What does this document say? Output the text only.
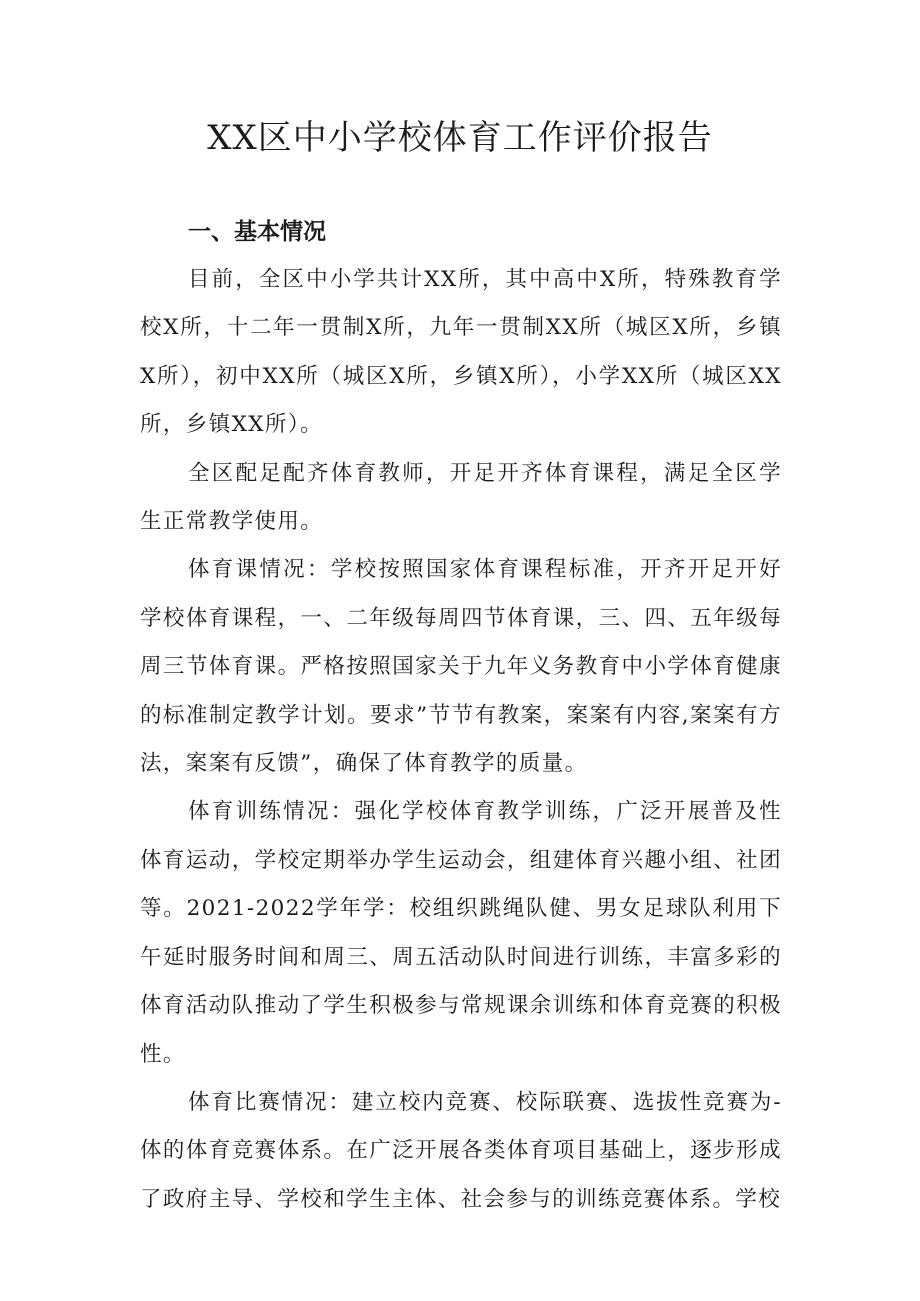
XX区中小学校体育工作评价报告
一、基本情况

目前，全区中小学共计XX所，其中高中X所，特殊教育学校X所，十二年一贯制X所，九年一贯制XX所（城区X所，乡镇X所），初中XX所（城区X所，乡镇X所），小学XX所（城区XX所，乡镇XX所）。

全区配足配齐体育教师，开足开齐体育课程，满足全区学生正常教学使用。

体育课情况：学校按照国家体育课程标准，开齐开足开好学校体育课程，一、二年级每周四节体育课，三、四、五年级每周三节体育课。严格按照国家关于九年义务教育中小学体育健康的标准制定教学计划。要求”节节有教案，案案有内容,案案有方法，案案有反馈”，确保了体育教学的质量。

体育训练情况：强化学校体育教学训练，广泛开展普及性体育运动，学校定期举办学生运动会，组建体育兴趣小组、社团等。2021-2022学年学：校组织跳绳队健、男女足球队利用下午延时服务时间和周三、周五活动队时间进行训练，丰富多彩的体育活动队推动了学生积极参与常规课余训练和体育竞赛的积极性。

体育比赛情况：建立校内竞赛、校际联赛、选拔性竞赛为-体的体育竞赛体系。在广泛开展各类体育项目基础上，逐步形成了政府主导、学校和学生主体、社会参与的训练竞赛体系。学校
